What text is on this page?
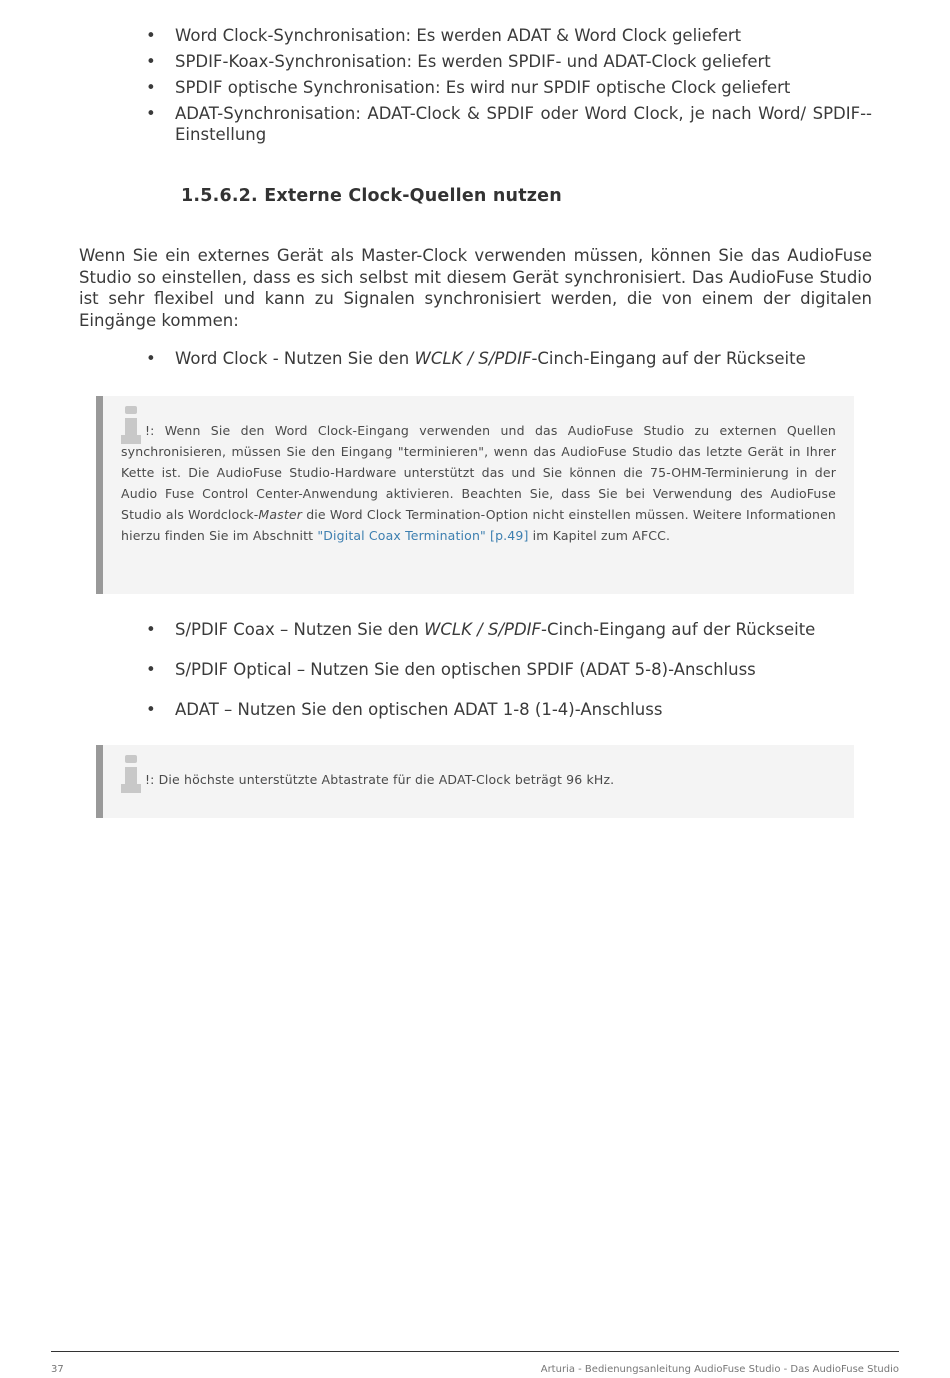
• Word Clock-Synchronisation: Es werden ADAT & Word Clock geliefert
• SPDIF-Koax-Synchronisation: Es werden SPDIF- und ADAT-Clock geliefert
• SPDIF optische Synchronisation: Es wird nur SPDIF optische Clock geliefert
• ADAT-Synchronisation: ADAT-Clock & SPDIF oder Word Clock, je nach Word/ SPDIF--Einstellung
1.5.6.2. Externe Clock-Quellen nutzen

Wenn Sie ein externes Gerät als Master-Clock verwenden müssen, können Sie das AudioFuse Studio so einstellen, dass es sich selbst mit diesem Gerät synchronisiert. Das AudioFuse Studio ist sehr flexibel und kann zu Signalen synchronisiert werden, die von einem der digitalen Eingänge kommen:

• Word Clock - Nutzen Sie den WCLK / S/PDIF-Cinch-Eingang auf der Rückseite

!: Wenn Sie den Word Clock-Eingang verwenden und das AudioFuse Studio zu externen Quellen synchronisieren, müssen Sie den Eingang "terminieren", wenn das AudioFuse Studio das letzte Gerät in Ihrer Kette ist. Die AudioFuse Studio-Hardware unterstützt das und Sie können die 75-OHM-Terminierung in der Audio Fuse Control Center-Anwendung aktivieren. Beachten Sie, dass Sie bei Verwendung des AudioFuse Studio als Wordclock-Master die Word Clock Termination-Option nicht einstellen müssen. Weitere Informationen hierzu finden Sie im Abschnitt "Digital Coax Termination" [p.49] im Kapitel zum AFCC.

• S/PDIF Coax – Nutzen Sie den WCLK / S/PDIF-Cinch-Eingang auf der Rückseite
• S/PDIF Optical – Nutzen Sie den optischen SPDIF (ADAT 5-8)-Anschluss
• ADAT – Nutzen Sie den optischen ADAT 1-8 (1-4)-Anschluss

!: Die höchste unterstützte Abtastrate für die ADAT-Clock beträgt 96 kHz.

37	Arturia - Bedienungsanleitung AudioFuse Studio - Das AudioFuse Studio
